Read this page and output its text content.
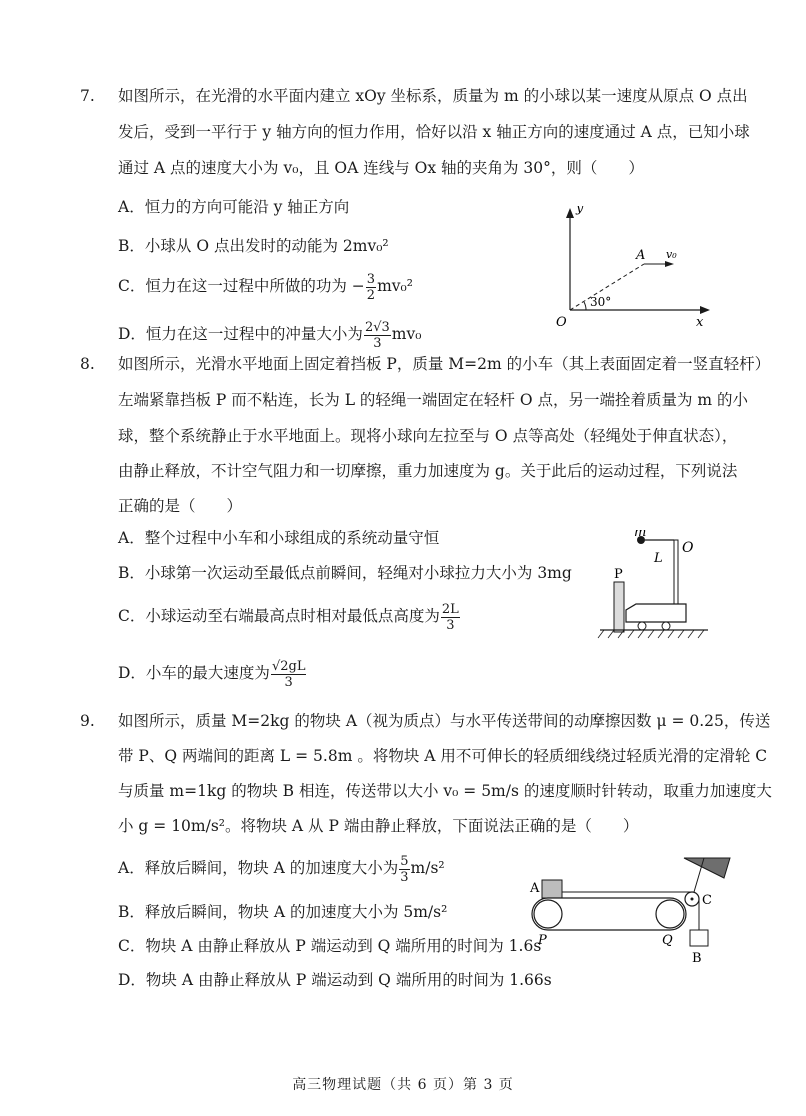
7. 如图所示，在光滑的水平面内建立 xOy 坐标系，质量为 m 的小球以某一速度从原点 O 点出
发后，受到一平行于 y 轴方向的恒力作用，恰好以沿 x 轴正方向的速度通过 A 点，已知小球
通过 A 点的速度大小为 v₀，且 OA 连线与 Ox 轴的夹角为 30°，则（　　）
A．恒力的方向可能沿 y 轴正方向
B．小球从 O 点出发时的动能为 2mv₀²
C．恒力在这一过程中所做的功为 − $\frac{3}{2} mv_0^2$
D．恒力在这一过程中的冲量大小为 $\frac{2√3}{3} mv_0$
y
x
O
A v₀
30°
8. 如图所示，光滑水平地面上固定着挡板 P，质量 M=2m 的小车（其上表面固定着一竖直轻杆）
左端紧靠挡板 P 而不粘连，长为 L 的轻绳一端固定在轻杆 O 点，另一端拴着质量为 m 的小
球，整个系统静止于水平地面上。现将小球向左拉至与 O 点等高处（轻绳处于伸直状态），
由静止释放，不计空气阻力和一切摩擦，重力加速度为 g。关于此后的运动过程，下列说法
正确的是（　　）
A．整个过程中小车和小球组成的系统动量守恒
B．小球第一次运动至最低点前瞬间，轻绳对小球拉力大小为 3mg
C．小球运动至右端最高点时相对最低点高度为 $\frac{2L}{3}$
D．小车的最大速度为 $\frac{√2gL}{3}$
m
L
O
P
9. 如图所示，质量 M=2kg 的物块 A（视为质点）与水平传送带间的动摩擦因数 μ = 0.25，传送
带 P、Q 两端间的距离 L = 5.8m 。将物块 A 用不可伸长的轻质细线绕过轻质光滑的定滑轮 C
与质量 m=1kg 的物块 B 相连，传送带以大小 v₀ = 5m/s 的速度顺时针转动，取重力加速度大
小 g = 10m/s²。将物块 A 从 P 端由静止释放，下面说法正确的是（　　）
A．释放后瞬间，物块 A 的加速度大小为 $\frac{5}{3} m/s^2$
B．释放后瞬间，物块 A 的加速度大小为 5m/s²
C．物块 A 由静止释放从 P 端运动到 Q 端所用的时间为 1.6s
D．物块 A 由静止释放从 P 端运动到 Q 端所用的时间为 1.66s
A
C
P	Q
B
高三物理试题（共 6 页）第 3 页
